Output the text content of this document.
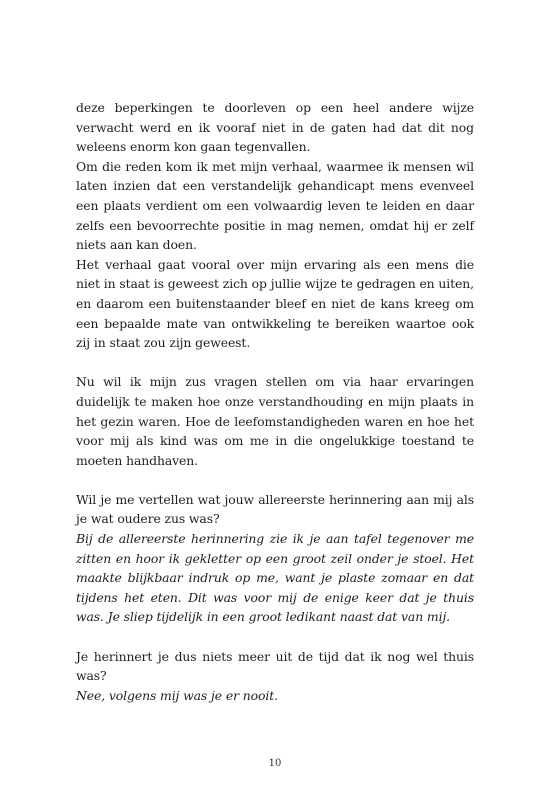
deze beperkingen te doorleven op een heel andere wijze verwacht werd en ik vooraf niet in de gaten had dat dit nog weleens enorm kon gaan tegenvallen.

Om die reden kom ik met mijn verhaal, waarmee ik mensen wil laten inzien dat een verstandelijk gehandicapt mens evenveel een plaats verdient om een volwaardig leven te leiden en daar zelfs een bevoorrechte positie in mag nemen, omdat hij er zelf niets aan kan doen.

Het verhaal gaat vooral over mijn ervaring als een mens die niet in staat is geweest zich op jullie wijze te gedragen en uiten, en daarom een buitenstaander bleef en niet de kans kreeg om een bepaalde mate van ontwikkeling te bereiken waartoe ook zij in staat zou zijn geweest.

Nu wil ik mijn zus vragen stellen om via haar ervaringen duidelijk te maken hoe onze verstandhouding en mijn plaats in het gezin waren. Hoe de leefomstandigheden waren en hoe het voor mij als kind was om me in die ongelukkige toestand te moeten handhaven.

Wil je me vertellen wat jouw allereerste herinnering aan mij als je wat oudere zus was?

Bij de allereerste herinnering zie ik je aan tafel tegenover me zitten en hoor ik gekletter op een groot zeil onder je stoel. Het maakte blijkbaar indruk op me, want je plaste zomaar en dat tijdens het eten. Dit was voor mij de enige keer dat je thuis was. Je sliep tijdelijk in een groot ledikant naast dat van mij.

Je herinnert je dus niets meer uit de tijd dat ik nog wel thuis was?

Nee, volgens mij was je er nooit.

10
